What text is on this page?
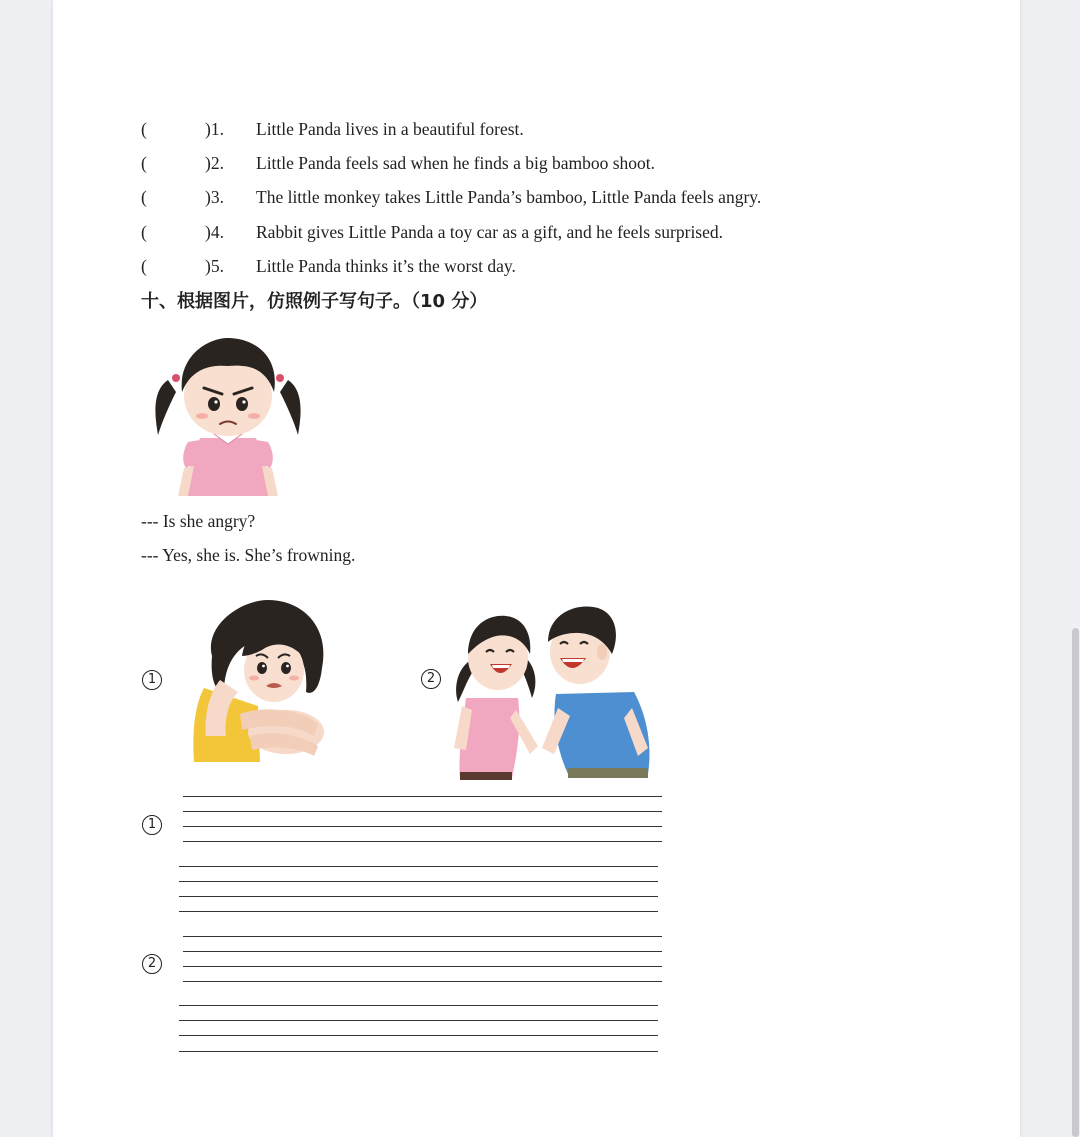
(	)1. Little Panda lives in a beautiful forest.
(	)2. Little Panda feels sad when he finds a big bamboo shoot.
(	)3. The little monkey takes Little Panda’s bamboo, Little Panda feels angry.
(	)4. Rabbit gives Little Panda a toy car as a gift, and he feels surprised.
(	)5. Little Panda thinks it’s the worst day.
十、根据图片，仿照例子写句子。（10 分）
--- Is she angry?
--- Yes, she is. She’s frowning.
1	2
1
2
